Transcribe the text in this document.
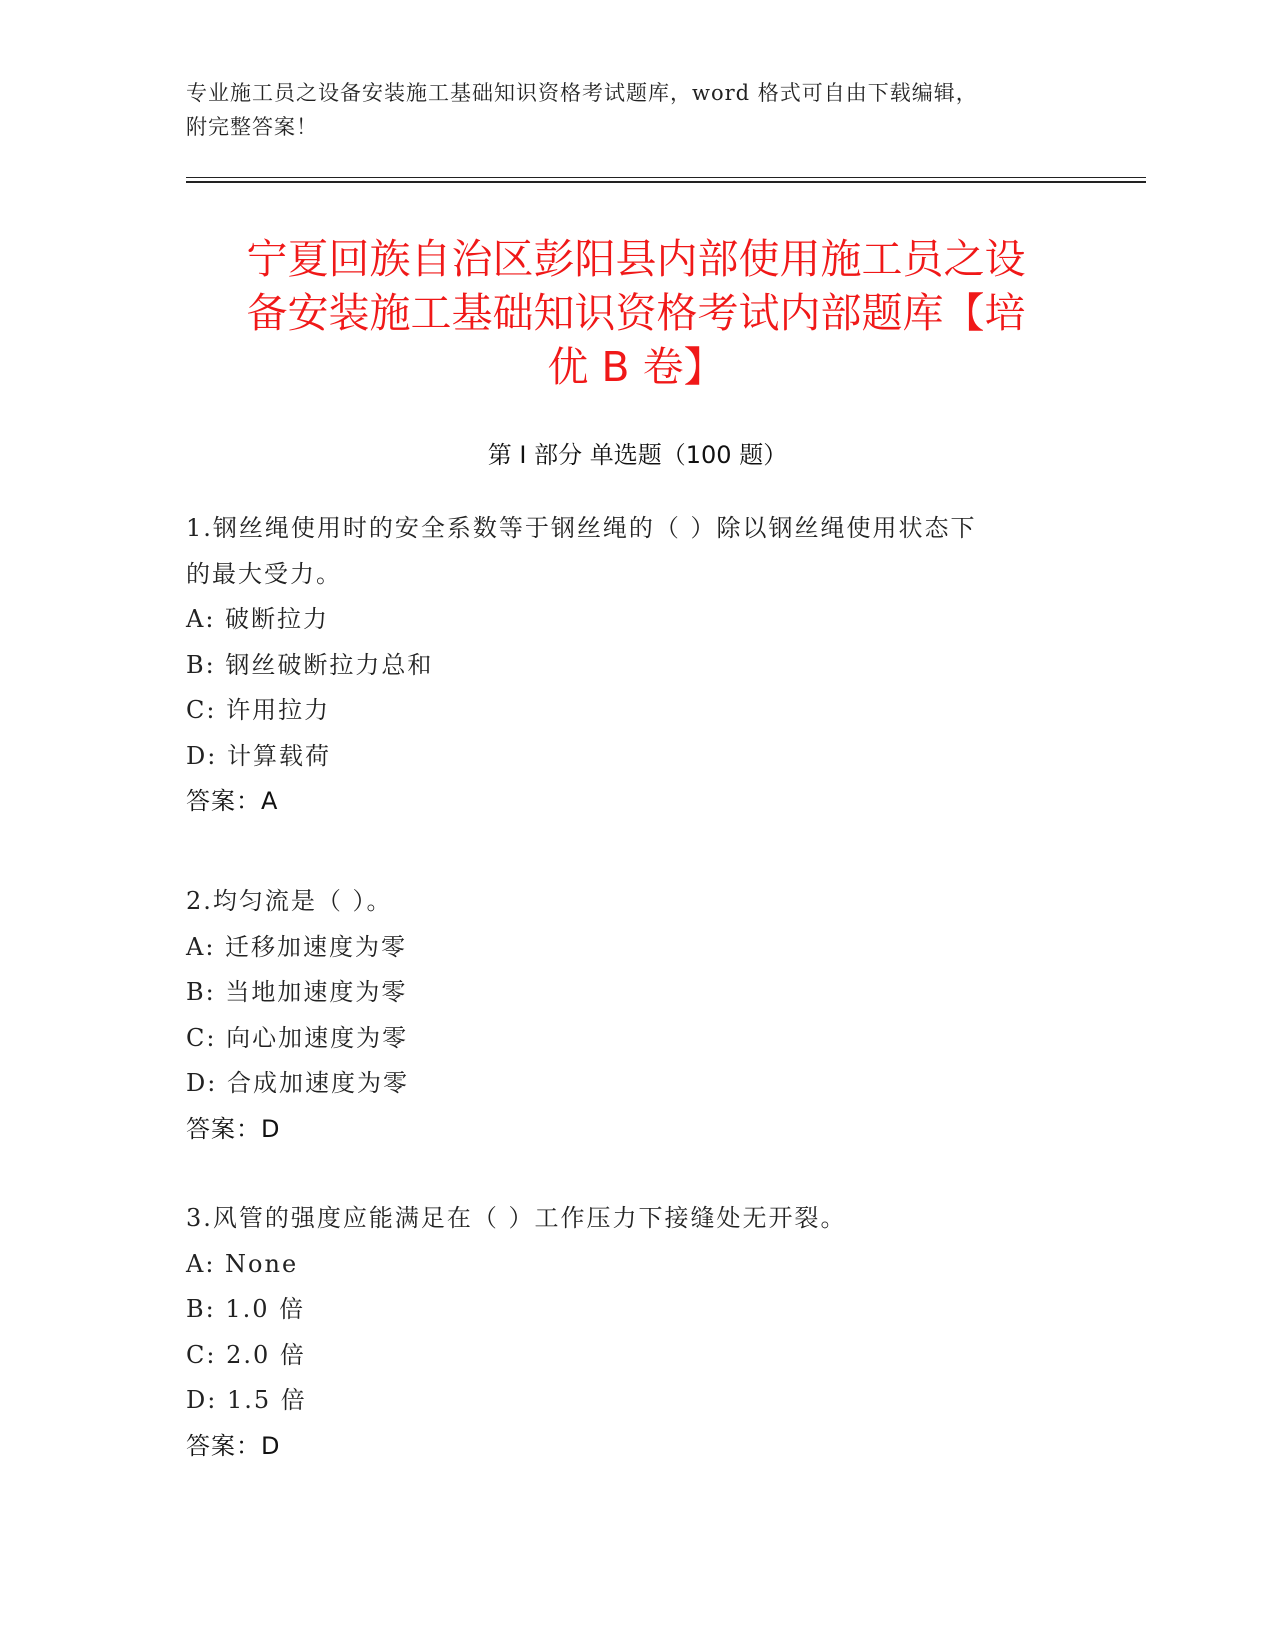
专业施工员之设备安装施工基础知识资格考试题库，word 格式可自由下载编辑，
附完整答案！
宁夏回族自治区彭阳县内部使用施工员之设
备安装施工基础知识资格考试内部题库【培
优 B 卷】
第 I 部分 单选题（100 题）

1.钢丝绳使用时的安全系数等于钢丝绳的（ ）除以钢丝绳使用状态下

的最大受力。

A: 破断拉力

B: 钢丝破断拉力总和

C: 许用拉力

D: 计算载荷

答案：A

2.均匀流是（ ）。

A: 迁移加速度为零

B: 当地加速度为零

C: 向心加速度为零

D: 合成加速度为零

答案：D

3.风管的强度应能满足在（ ）工作压力下接缝处无开裂。

A: None

B: 1.0 倍

C: 2.0 倍

D: 1.5 倍

答案：D
